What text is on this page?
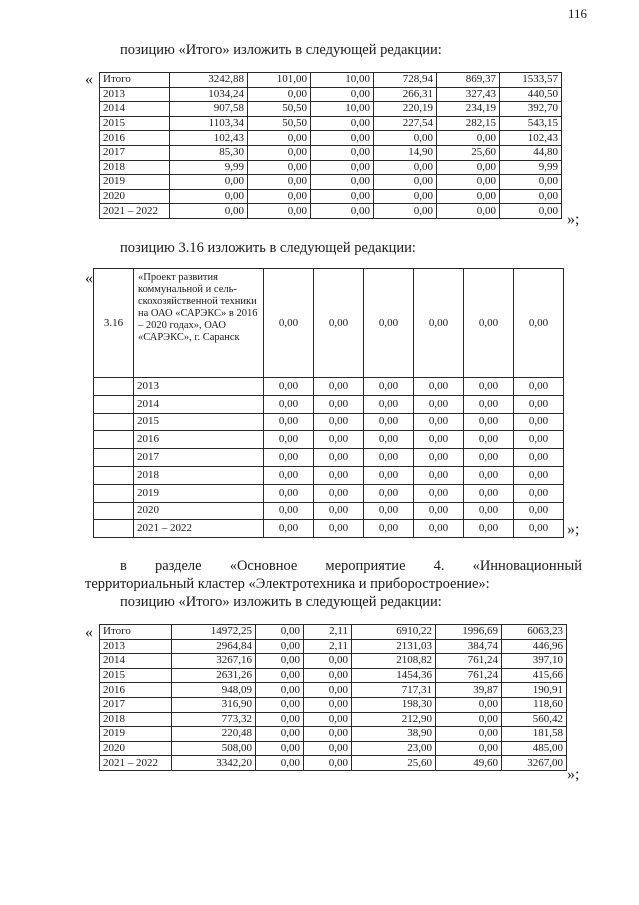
116
позицию «Итого» изложить в следующей редакции:
« Итого	3242,88	101,00	10,00	728,94	869,37	1533,57
2013	1034,24	0,00	0,00	266,31	327,43	440,50
2014	907,58	50,50	10,00	220,19	234,19	392,70
2015	1103,34	50,50	0,00	227,54	282,15	543,15
2016	102,43	0,00	0,00	0,00	0,00	102,43
2017	85,30	0,00	0,00	14,90	25,60	44,80
2018	9,99	0,00	0,00	0,00	0,00	9,99
2019	0,00	0,00	0,00	0,00	0,00	0,00
2020	0,00	0,00	0,00	0,00	0,00	0,00
2021 – 2022	0,00	0,00	0,00	0,00	0,00	0,00
»;
позицию 3.16 изложить в следующей редакции:
«
3.16	«Проект развития коммунальной и сель-скохозяйственной техники на ОАО «САРЭКС» в 2016 – 2020 годах», ОАО «САРЭКС», г. Саранск	0,00	0,00	0,00	0,00	0,00	0,00
	2013	0,00	0,00	0,00	0,00	0,00	0,00
	2014	0,00	0,00	0,00	0,00	0,00	0,00
	2015	0,00	0,00	0,00	0,00	0,00	0,00
	2016	0,00	0,00	0,00	0,00	0,00	0,00
	2017	0,00	0,00	0,00	0,00	0,00	0,00
	2018	0,00	0,00	0,00	0,00	0,00	0,00
	2019	0,00	0,00	0,00	0,00	0,00	0,00
	2020	0,00	0,00	0,00	0,00	0,00	0,00
	2021 – 2022	0,00	0,00	0,00	0,00	0,00	0,00 »;
в разделе «Основное мероприятие 4. «Инновационный
территориальный кластер «Электротехника и приборостроение»:
позицию «Итого» изложить в следующей редакции:
« Итого	14972,25	0,00	2,11	6910,22	1996,69	6063,23
2013	2964,84	0,00	2,11	2131,03	384,74	446,96
2014	3267,16	0,00	0,00	2108,82	761,24	397,10
2015	2631,26	0,00	0,00	1454,36	761,24	415,66
2016	948,09	0,00	0,00	717,31	39,87	190,91
2017	316,90	0,00	0,00	198,30	0,00	118,60
2018	773,32	0,00	0,00	212,90	0,00	560,42
2019	220,48	0,00	0,00	38,90	0,00	181,58
2020	508,00	0,00	0,00	23,00	0,00	485,00
2021 – 2022	3342,20	0,00	0,00	25,60	49,60	3267,00
»;
